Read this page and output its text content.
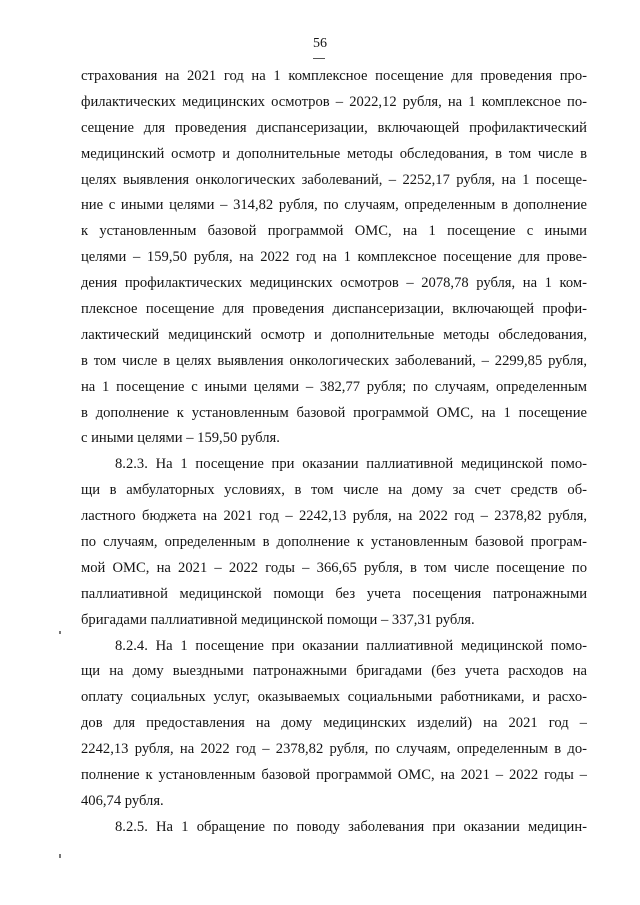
56
страхования на 2021 год на 1 комплексное посещение для проведения про-
филактических медицинских осмотров – 2022,12 рубля, на 1 комплексное по-
сещение для проведения диспансеризации, включающей профилактический
медицинский осмотр и дополнительные методы обследования, в том числе в
целях выявления онкологических заболеваний, – 2252,17 рубля, на 1 посеще-
ние с иными целями – 314,82 рубля, по случаям, определенным в дополнение
к установленным базовой программой ОМС, на 1 посещение с иными
целями – 159,50 рубля, на 2022 год на 1 комплексное посещение для прове-
дения профилактических медицинских осмотров – 2078,78 рубля, на 1 ком-
плексное посещение для проведения диспансеризации, включающей профи-
лактический медицинский осмотр и дополнительные методы обследования,
в том числе в целях выявления онкологических заболеваний, – 2299,85 рубля,
на 1 посещение с иными целями – 382,77 рубля; по случаям, определенным
в дополнение к установленным базовой программой ОМС, на 1 посещение
с иными целями – 159,50 рубля.
8.2.3. На 1 посещение при оказании паллиативной медицинской помо-
щи в амбулаторных условиях, в том числе на дому за счет средств об-
ластного бюджета на 2021 год – 2242,13 рубля, на 2022 год – 2378,82 рубля,
по случаям, определенным в дополнение к установленным базовой програм-
мой ОМС, на 2021 – 2022 годы – 366,65 рубля, в том числе посещение по
паллиативной медицинской помощи без учета посещения патронажными
бригадами паллиативной медицинской помощи – 337,31 рубля.
8.2.4. На 1 посещение при оказании паллиативной медицинской помо-
щи на дому выездными патронажными бригадами (без учета расходов на
оплату социальных услуг, оказываемых социальными работниками, и расхо-
дов для предоставления на дому медицинских изделий) на 2021 год –
2242,13 рубля, на 2022 год – 2378,82 рубля, по случаям, определенным в до-
полнение к установленным базовой программой ОМС, на 2021 – 2022 годы –
406,74 рубля.
8.2.5. На 1 обращение по поводу заболевания при оказании медицин-
